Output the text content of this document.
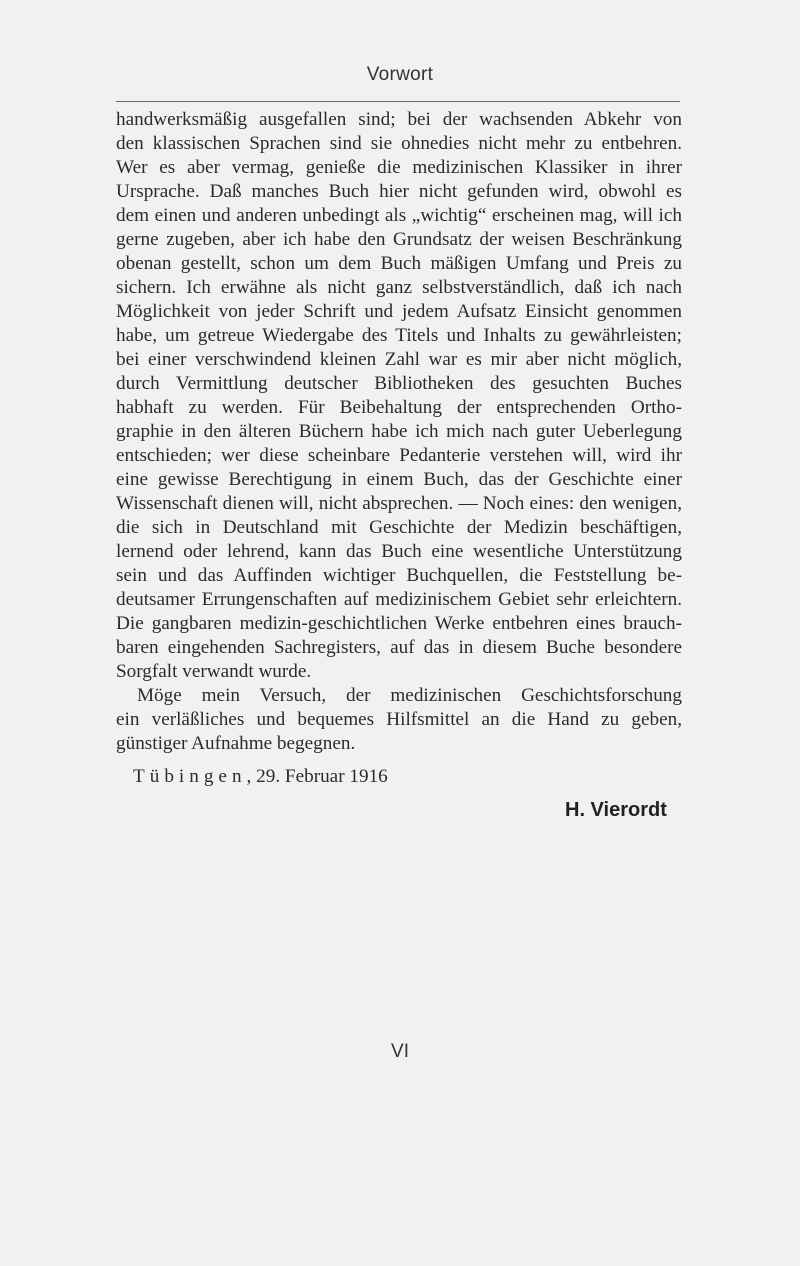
Vorwort
handwerksmäßig ausgefallen sind; bei der wachsenden Abkehr von
den klassischen Sprachen sind sie ohnedies nicht mehr zu entbehren.
Wer es aber vermag, genieße die medizinischen Klassiker in ihrer
Ursprache. Daß manches Buch hier nicht gefunden wird, obwohl es
dem einen und anderen unbedingt als „wichtig“ erscheinen mag, will ich
gerne zugeben, aber ich habe den Grundsatz der weisen Beschränkung
obenan gestellt, schon um dem Buch mäßigen Umfang und Preis zu
sichern. Ich erwähne als nicht ganz selbstverständlich, daß ich nach
Möglichkeit von jeder Schrift und jedem Aufsatz Einsicht genommen
habe, um getreue Wiedergabe des Titels und Inhalts zu gewährleisten;
bei einer verschwindend kleinen Zahl war es mir aber nicht möglich,
durch Vermittlung deutscher Bibliotheken des gesuchten Buches
habhaft zu werden. Für Beibehaltung der entsprechenden Ortho-
graphie in den älteren Büchern habe ich mich nach guter Ueberlegung
entschieden; wer diese scheinbare Pedanterie verstehen will, wird ihr
eine gewisse Berechtigung in einem Buch, das der Geschichte einer
Wissenschaft dienen will, nicht absprechen. — Noch eines: den wenigen,
die sich in Deutschland mit Geschichte der Medizin beschäftigen,
lernend oder lehrend, kann das Buch eine wesentliche Unterstützung
sein und das Auffinden wichtiger Buchquellen, die Feststellung be-
deutsamer Errungenschaften auf medizinischem Gebiet sehr erleichtern.
Die gangbaren medizin-geschichtlichen Werke entbehren eines brauch-
baren eingehenden Sachregisters, auf das in diesem Buche besondere
Sorgfalt verwandt wurde.
Möge mein Versuch, der medizinischen Geschichtsforschung
ein verläßliches und bequemes Hilfsmittel an die Hand zu geben,
günstiger Aufnahme begegnen.
Tübingen, 29. Februar 1916
H. Vierordt
VI
